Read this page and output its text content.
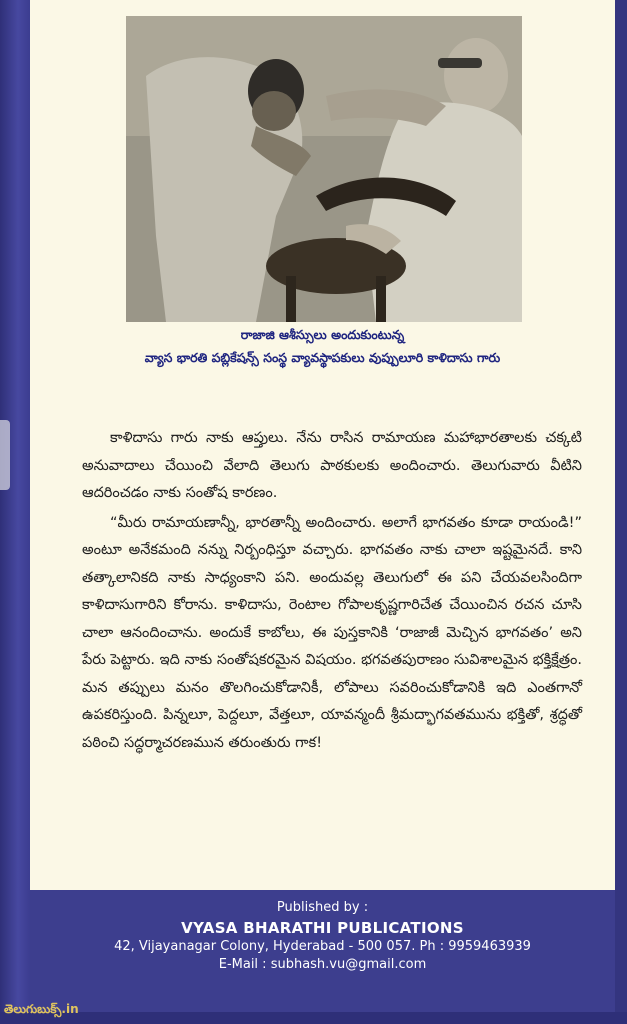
రాజాజి ఆశీస్సులు అందుకుంటున్న
వ్యాస భారతి పబ్లికేషన్స్ సంస్థ వ్యావస్థాపకులు వుప్పులూరి కాళిదాసు గారు

కాళిదాసు గారు నాకు ఆప్తులు. నేను రాసిన రామాయణ మహాభారతాలకు చక్కటి అనువాదాలు చేయించి వేలాది తెలుగు పాఠకులకు అందించారు. తెలుగువారు వీటిని ఆదరించడం నాకు సంతోష కారణం.

“మీరు రామాయణాన్నీ, భారతాన్నీ అందించారు. అలాగే భాగవతం కూడా రాయండి!” అంటూ అనేకమంది నన్ను నిర్బంధిస్తూ వచ్చారు. భాగవతం నాకు చాలా ఇష్టమైనదే. కాని తత్కాలానికది నాకు సాధ్యంకాని పని. అందువల్ల తెలుగులో ఈ పని చేయవలసిందిగా కాళిదాసుగారిని కోరాను. కాళిదాసు, రెంటాల గోపాలకృష్ణగారిచేత చేయించిన రచన చూసి చాలా ఆనందించాను. అందుకే కాబోలు, ఈ పుస్తకానికి ‘రాజాజీ మెచ్చిన భాగవతం’ అని పేరు పెట్టారు. ఇది నాకు సంతోషకరమైన విషయం. భగవతపురాణం సువిశాలమైన భక్తిక్షేత్రం. మన తప్పులు మనం తొలగించుకోడానికీ, లోపాలు సవరించుకోడానికి ఇది ఎంతగానో ఉపకరిస్తుంది. పిన్నలూ, పెద్దలూ, వేత్తలూ, యావన్మందీ శ్రీమద్భాగవతమును భక్తితో, శ్రద్ధతో పఠించి సద్ధర్మాచరణమున తరుంతురు గాక!

Published by :
VYASA BHARATHI PUBLICATIONS
42, Vijayanagar Colony, Hyderabad - 500 057. Ph : 9959463939
E-Mail : subhash.vu@gmail.com
తెలుగుబుక్స్.in
